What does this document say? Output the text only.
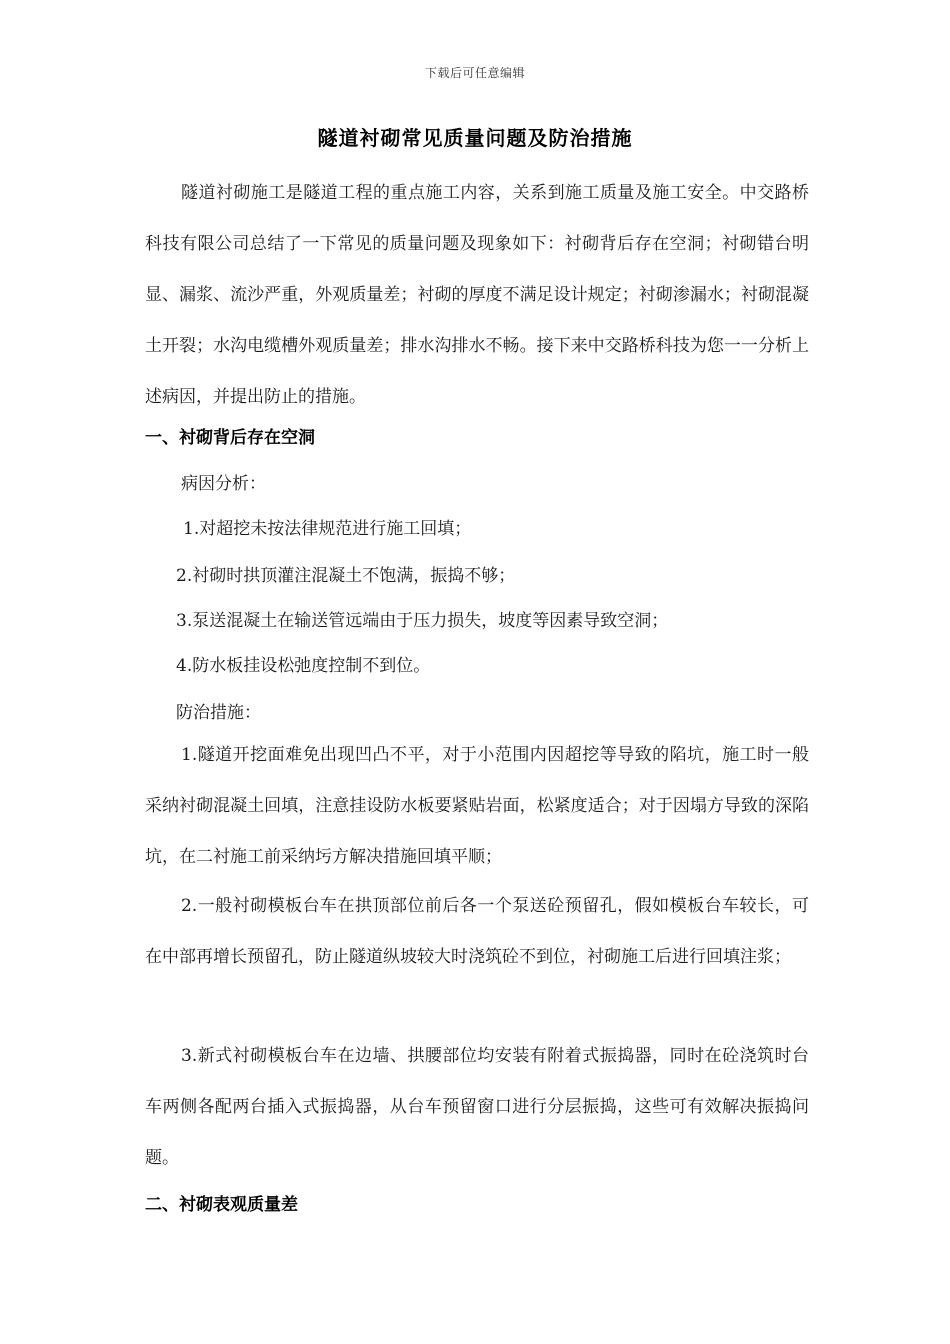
下载后可任意编辑
隧道衬砌常见质量问题及防治措施
隧道衬砌施工是隧道工程的重点施工内容，关系到施工质量及施工安全。中交路桥科技有限公司总结了一下常见的质量问题及现象如下：衬砌背后存在空洞；衬砌错台明显、漏浆、流沙严重，外观质量差；衬砌的厚度不满足设计规定；衬砌渗漏水；衬砌混凝土开裂；水沟电缆槽外观质量差；排水沟排水不畅。接下来中交路桥科技为您一一分析上述病因，并提出防止的措施。
一、衬砌背后存在空洞
病因分析：
1.对超挖未按法律规范进行施工回填；
2.衬砌时拱顶灌注混凝土不饱满，振捣不够；
3.泵送混凝土在输送管远端由于压力损失，坡度等因素导致空洞；
4.防水板挂设松弛度控制不到位。
防治措施：
1.隧道开挖面难免出现凹凸不平，对于小范围内因超挖等导致的陷坑，施工时一般采纳衬砌混凝土回填，注意挂设防水板要紧贴岩面，松紧度适合；对于因塌方导致的深陷坑，在二衬施工前采纳圬方解决措施回填平顺；
2.一般衬砌模板台车在拱顶部位前后各一个泵送砼预留孔，假如模板台车较长，可在中部再增长预留孔，防止隧道纵坡较大时浇筑砼不到位，衬砌施工后进行回填注浆；
3.新式衬砌模板台车在边墙、拱腰部位均安装有附着式振捣器，同时在砼浇筑时台车两侧各配两台插入式振捣器，从台车预留窗口进行分层振捣，这些可有效解决振捣问题。
二、衬砌表观质量差
